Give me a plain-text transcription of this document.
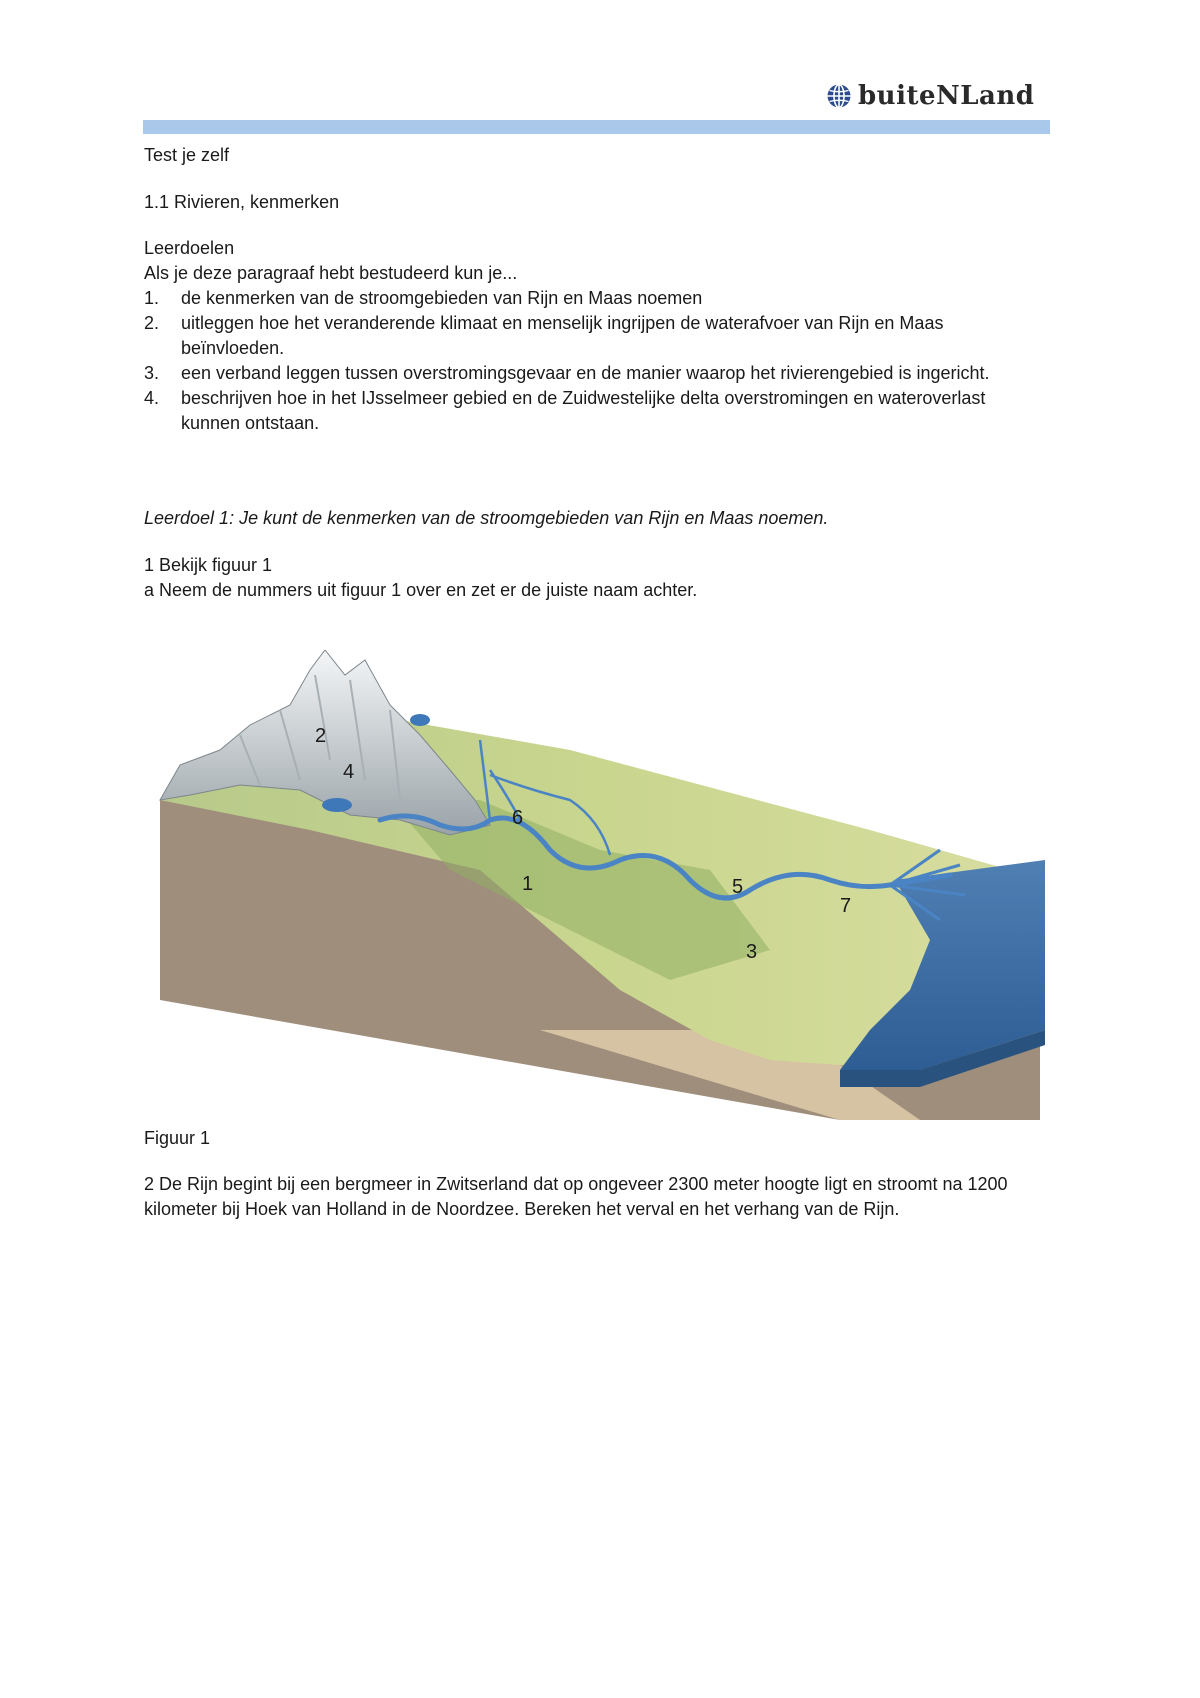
buiteNLand
Test je zelf
1.1 Rivieren, kenmerken

Leerdoelen

Als je deze paragraaf hebt bestudeerd kun je...

1. de kenmerken van de stroomgebieden van Rijn en Maas noemen
2. uitleggen hoe het veranderende klimaat en menselijk ingrijpen de waterafvoer van Rijn en Maas beïnvloeden.
3. een verband leggen tussen overstromingsgevaar en de manier waarop het rivierengebied is ingericht.
4. beschrijven hoe in het IJsselmeer gebied en de Zuidwestelijke delta overstromingen en wateroverlast kunnen ontstaan.
Leerdoel 1: Je kunt de kenmerken van de stroomgebieden van Rijn en Maas noemen.

1 Bekijk figuur 1

a Neem de nummers uit figuur 1 over en zet er de juiste naam achter.

1
2
3
4
5
6
7
Figuur 1
2 De Rijn begint bij een bergmeer in Zwitserland dat op ongeveer 2300 meter hoogte ligt en stroomt na 1200 kilometer bij Hoek van Holland in de Noordzee. Bereken het verval en het verhang van de Rijn.
